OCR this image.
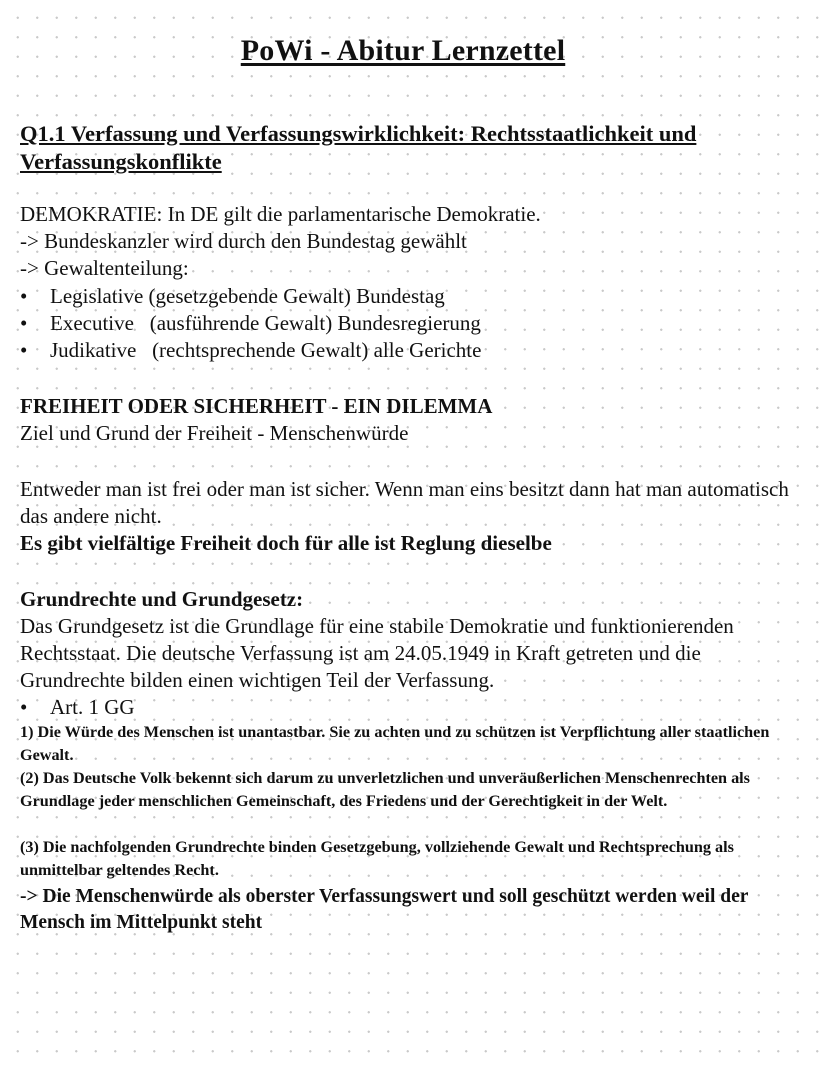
PoWi - Abitur Lernzettel
Q1.1 Verfassung und Verfassungswirklichkeit: Rechtsstaatlichkeit und Verfassungskonflikte
DEMOKRATIE: In DE gilt die parlamentarische Demokratie.
-> Bundeskanzler wird durch den Bundestag gewählt
-> Gewaltenteilung:
• Legislative (gesetzgebende Gewalt) Bundestag
• Executive   (ausführende Gewalt) Bundesregierung
• Judikative   (rechtsprechende Gewalt) alle Gerichte
FREIHEIT ODER SICHERHEIT - EIN DILEMMA
Ziel und Grund der Freiheit - Menschenwürde
Entweder man ist frei oder man ist sicher. Wenn man eins besitzt dann hat man automatisch das andere nicht.
Es gibt vielfältige Freiheit doch für alle ist Reglung dieselbe
Grundrechte und Grundgesetz:
Das Grundgesetz ist die Grundlage für eine stabile Demokratie und funktionierenden Rechtsstaat. Die deutsche Verfassung ist am 24.05.1949 in Kraft getreten und die Grundrechte bilden einen wichtigen Teil der Verfassung.
• Art. 1 GG
1) Die Würde des Menschen ist unantastbar. Sie zu achten und zu schützen ist Verpflichtung aller staatlichen Gewalt.
(2) Das Deutsche Volk bekennt sich darum zu unverletzlichen und unveräußerlichen Menschenrechten als Grundlage jeder menschlichen Gemeinschaft, des Friedens und der Gerechtigkeit in der Welt.
(3) Die nachfolgenden Grundrechte binden Gesetzgebung, vollziehende Gewalt und Rechtsprechung als unmittelbar geltendes Recht.
-> Die Menschenwürde als oberster Verfassungswert und soll geschützt werden weil der Mensch im Mittelpunkt steht
